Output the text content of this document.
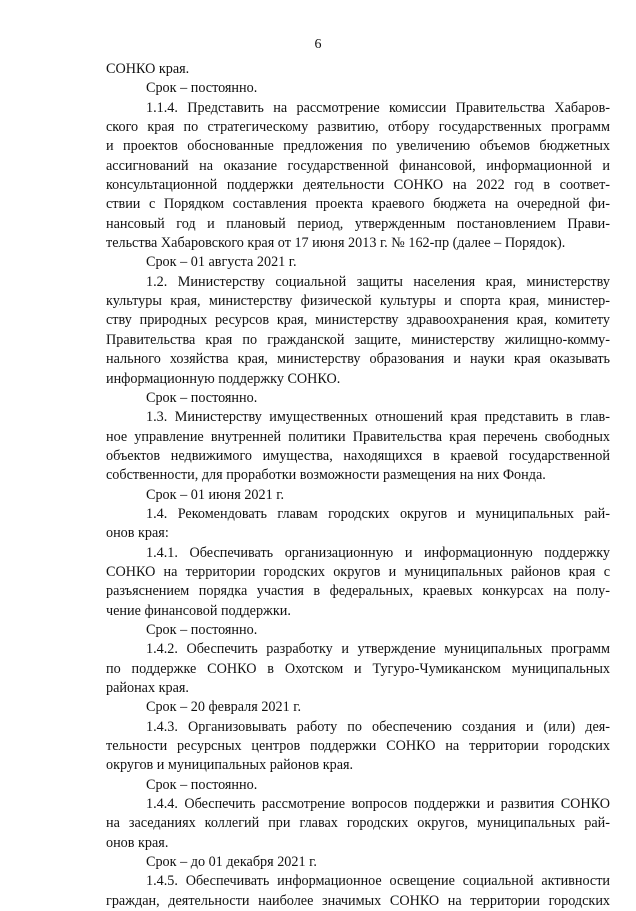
6

СОНКО края.

Срок – постоянно.

1.1.4. Представить на рассмотрение комиссии Правительства Хабаров-

ского края по стратегическому развитию, отбору государственных программ

и проектов обоснованные предложения по увеличению объемов бюджетных

ассигнований на оказание государственной финансовой, информационной и

консультационной поддержки деятельности СОНКО на 2022 год в соответ-

ствии с Порядком составления проекта краевого бюджета на очередной фи-

нансовый год и плановый период, утвержденным постановлением Прави-

тельства Хабаровского края от 17 июня 2013 г. № 162-пр (далее – Порядок).

Срок – 01 августа 2021 г.

1.2. Министерству социальной защиты населения края, министерству

культуры края, министерству физической культуры и спорта края, министер-

ству природных ресурсов края, министерству здравоохранения края, комитету

Правительства края по гражданской защите, министерству жилищно-комму-

нального хозяйства края, министерству образования и науки края оказывать

информационную поддержку СОНКО.

Срок – постоянно.

1.3. Министерству имущественных отношений края представить в глав-

ное управление внутренней политики Правительства края перечень свободных

объектов недвижимого имущества, находящихся в краевой государственной

собственности, для проработки возможности размещения на них Фонда.

Срок – 01 июня 2021 г.

1.4. Рекомендовать главам городских округов и муниципальных рай-

онов края:

1.4.1. Обеспечивать организационную и информационную поддержку

СОНКО на территории городских округов и муниципальных районов края с

разъяснением порядка участия в федеральных, краевых конкурсах на полу-

чение финансовой поддержки.

Срок – постоянно.

1.4.2. Обеспечить разработку и утверждение муниципальных программ

по поддержке СОНКО в Охотском и Тугуро-Чумиканском муниципальных

районах края.

Срок – 20 февраля 2021 г.

1.4.3. Организовывать работу по обеспечению создания и (или) дея-

тельности ресурсных центров поддержки СОНКО на территории городских

округов и муниципальных районов края.

Срок – постоянно.

1.4.4. Обеспечить рассмотрение вопросов поддержки и развития СОНКО

на заседаниях коллегий при главах городских округов, муниципальных рай-

онов края.

Срок – до 01 декабря 2021 г.

1.4.5. Обеспечивать информационное освещение социальной активности

граждан, деятельности наиболее значимых СОНКО на территории городских
